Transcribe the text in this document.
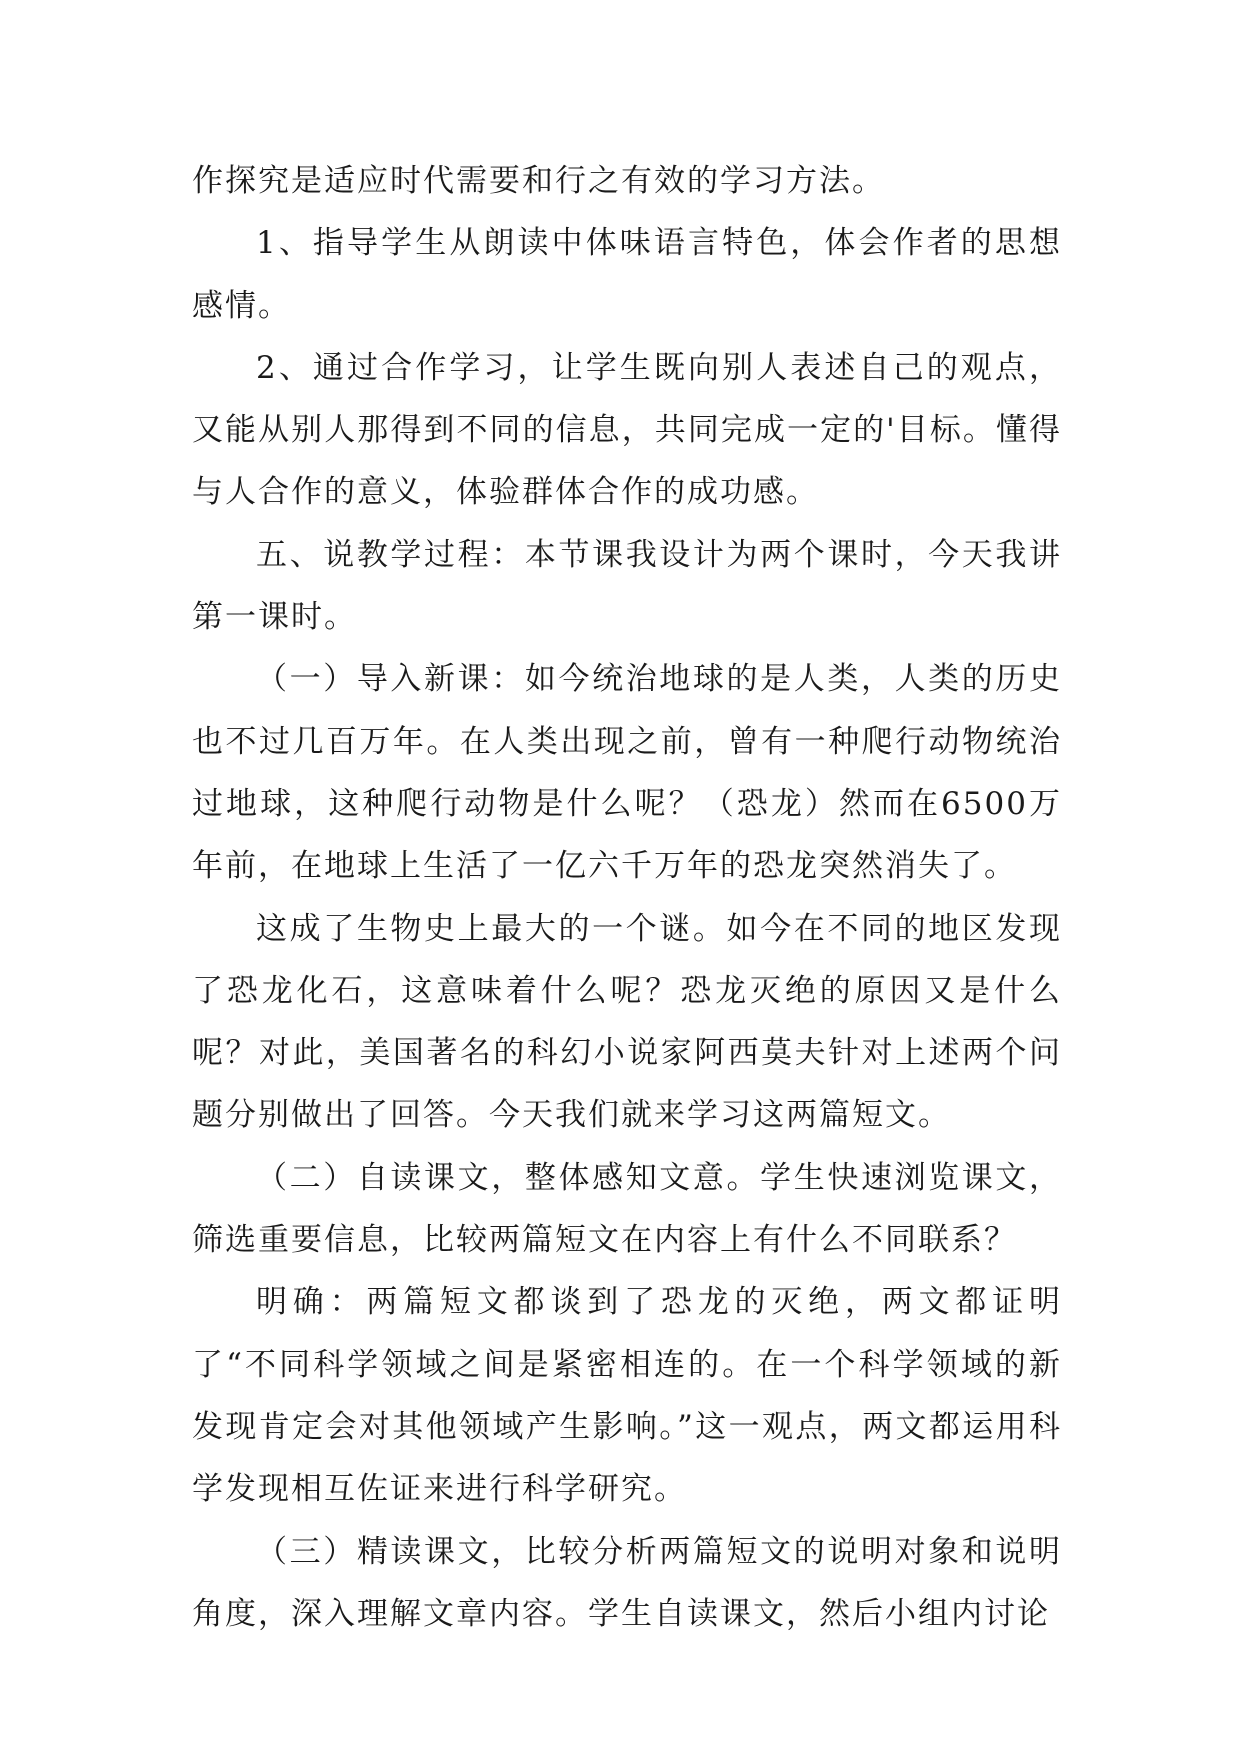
作探究是适应时代需要和行之有效的学习方法。

1、指导学生从朗读中体味语言特色，体会作者的思想感情。

2、通过合作学习，让学生既向别人表述自己的观点，又能从别人那得到不同的信息，共同完成一定的'目标。懂得与人合作的意义，体验群体合作的成功感。

五、说教学过程：本节课我设计为两个课时，今天我讲第一课时。

（一）导入新课：如今统治地球的是人类，人类的历史也不过几百万年。在人类出现之前，曾有一种爬行动物统治过地球，这种爬行动物是什么呢？（恐龙）然而在6500万年前，在地球上生活了一亿六千万年的恐龙突然消失了。

这成了生物史上最大的一个谜。如今在不同的地区发现了恐龙化石，这意味着什么呢？恐龙灭绝的原因又是什么呢？对此，美国著名的科幻小说家阿西莫夫针对上述两个问题分别做出了回答。今天我们就来学习这两篇短文。

（二）自读课文，整体感知文意。学生快速浏览课文，筛选重要信息，比较两篇短文在内容上有什么不同联系？

明确：两篇短文都谈到了恐龙的灭绝，两文都证明了“不同科学领域之间是紧密相连的。在一个科学领域的新发现肯定会对其他领域产生影响。”这一观点，两文都运用科学发现相互佐证来进行科学研究。

（三）精读课文，比较分析两篇短文的说明对象和说明角度，深入理解文章内容。学生自读课文，然后小组内讨论
